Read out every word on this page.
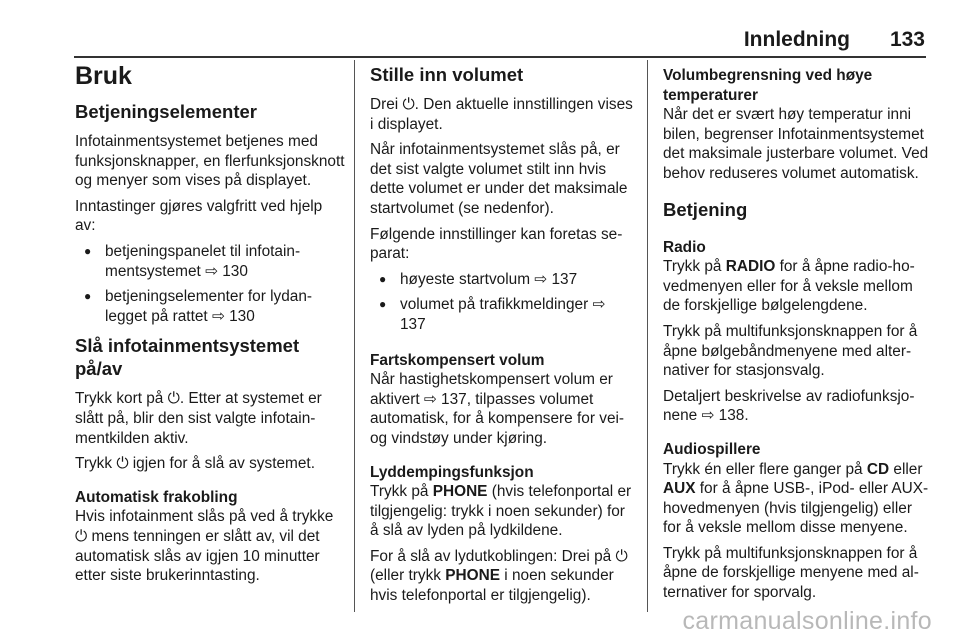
Innledning 133
Bruk
Betjeningselementer

Infotainmentsystemet betjenes med funksjonsknapper, en flerfunksjonsknott og menyer som vises på displayet.

Inntastinger gjøres valgfritt ved hjelp av:

● betjeningspanelet til infotainmentsystemet ⇨ 130
● betjeningselementer for lydanlegget på rattet ⇨ 130
Slå infotainmentsystemet på/av

Trykk kort på ⏻. Etter at systemet er slått på, blir den sist valgte infotainmentkilden aktiv.

Trykk ⏻ igjen for å slå av systemet.

Automatisk frakobling

Hvis infotainment slås på ved å trykke ⏻ mens tenningen er slått av, vil det automatisk slås av igjen 10 minutter etter siste brukerinntasting.

Stille inn volumet

Drei ⏻. Den aktuelle innstillingen vises i displayet.

Når infotainmentsystemet slås på, er det sist valgte volumet stilt inn hvis dette volumet er under det maksimale startvolumet (se nedenfor).

Følgende innstillinger kan foretas separat:

● høyeste startvolum ⇨ 137
● volumet på trafikkmeldinger ⇨ 137
Fartskompensert volum

Når hastighetskompensert volum er aktivert ⇨ 137, tilpasses volumet automatisk, for å kompensere for vei- og vindstøy under kjøring.

Lyddempingsfunksjon

Trykk på PHONE (hvis telefonportal er tilgjengelig: trykk i noen sekunder) for å slå av lyden på lydkildene.

For å slå av lydutkoblingen: Drei på ⏻ (eller trykk PHONE i noen sekunder hvis telefonportal er tilgjengelig).

Volumbegrensning ved høye temperaturer

Når det er svært høy temperatur inni bilen, begrenser Infotainmentsystemet det maksimale justerbare volumet. Ved behov reduseres volumet automatisk.

Betjening
Radio

Trykk på RADIO for å åpne radio-hovedmenyen eller for å veksle mellom de forskjellige bølgelengdene.

Trykk på multifunksjonsknappen for å åpne bølgebåndmenyene med alternativer for stasjonsvalg.

Detaljert beskrivelse av radiofunksjonene ⇨ 138.

Audiospillere

Trykk én eller flere ganger på CD eller AUX for å åpne USB-, iPod- eller AUX-hovedmenyen (hvis tilgjengelig) eller for å veksle mellom disse menyene.

Trykk på multifunksjonsknappen for å åpne de forskjellige menyene med alternativer for sporvalg.

carmanualsonline.info
